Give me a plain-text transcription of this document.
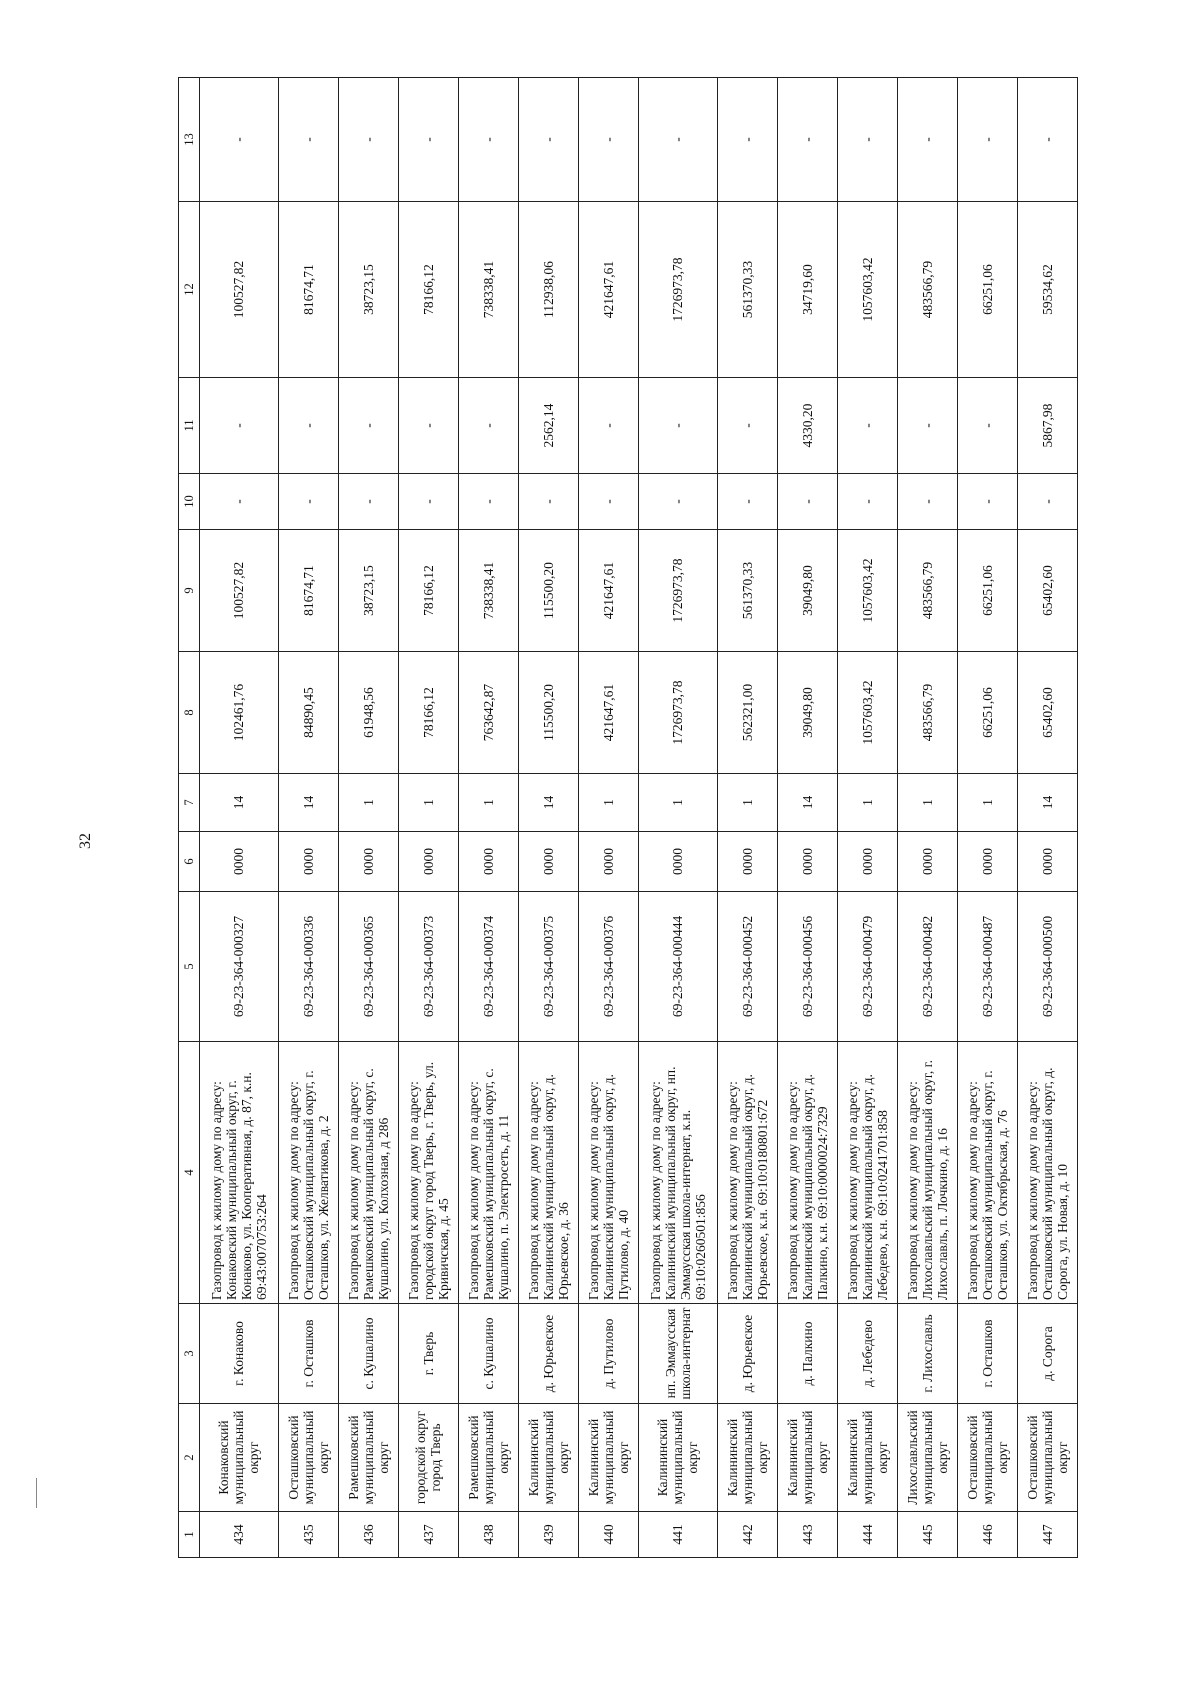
32
1	2	3	4	5	6	7	8	9	10	11	12	13
434	Конаковский муниципальный округ	г. Конаково	Газопровод к жилому дому по адресу: Конаковский муниципальный округ, г. Конаково, ул. Кооперативная, д. 87, к.н. 69:43:0070753:264	69-23-364-000327	0000	14	102461,76	100527,82	-	-	100527,82	-
435	Осташковский муниципальный округ	г. Осташков	Газопровод к жилому дому по адресу: Осташковский муниципальный округ, г. Осташков, ул. Желватикова, д. 2	69-23-364-000336	0000	14	84890,45	81674,71	-	-	81674,71	-
436	Рамешковский муниципальный округ	с. Кушалино	Газопровод к жилому дому по адресу: Рамешковский муниципальный округ, с. Кушалино, ул. Колхозная, д 286	69-23-364-000365	0000	1	61948,56	38723,15	-	-	38723,15	-
437	городской округ город Тверь	г. Тверь	Газопровод к жилому дому по адресу: городской округ город Тверь, г. Тверь, ул. Кривичская, д. 45	69-23-364-000373	0000	1	78166,12	78166,12	-	-	78166,12	-
438	Рамешковский муниципальный округ	с. Кушалино	Газопровод к жилому дому по адресу: Рамешковский муниципальный округ, с. Кушалино, п. Электросеть, д. 11	69-23-364-000374	0000	1	763642,87	738338,41	-	-	738338,41	-
439	Калининский муниципальный округ	д. Юрьевское	Газопровод к жилому дому по адресу: Калининский муниципальный округ, д. Юрьевское, д. 36	69-23-364-000375	0000	14	115500,20	115500,20	-	2562,14	112938,06	-
440	Калининский муниципальный округ	д. Путилово	Газопровод к жилому дому по адресу: Калининский муниципальный округ, д. Путилово, д. 40	69-23-364-000376	0000	1	421647,61	421647,61	-	-	421647,61	-
441	Калининский муниципальный округ	нп. Эммаусская школа-интернат	Газопровод к жилому дому по адресу: Калининский муниципальный округ, нп. Эммаусская школа-интернат, к.н. 69:10:0260501:856	69-23-364-000444	0000	1	1726973,78	1726973,78	-	-	1726973,78	-
442	Калининский муниципальный округ	д. Юрьевское	Газопровод к жилому дому по адресу: Калининский муниципальный округ, д. Юрьевское, к.н. 69:10:0180801:672	69-23-364-000452	0000	1	562321,00	561370,33	-	-	561370,33	-
443	Калининский муниципальный округ	д. Палкино	Газопровод к жилому дому по адресу: Калининский муниципальный округ, д. Палкино, к.н. 69:10:0000024:7329	69-23-364-000456	0000	14	39049,80	39049,80	-	4330,20	34719,60	-
444	Калининский муниципальный округ	д. Лебедево	Газопровод к жилому дому по адресу: Калининский муниципальный округ, д. Лебедево, к.н. 69:10:0241701:858	69-23-364-000479	0000	1	1057603,42	1057603,42	-	-	1057603,42	-
445	Лихославльский муниципальный округ	г. Лихославль	Газопровод к жилому дому по адресу: Лихославльский муниципальный округ, г. Лихославль, п. Лочкино, д. 16	69-23-364-000482	0000	1	483566,79	483566,79	-	-	483566,79	-
446	Осташковский муниципальный округ	г. Осташков	Газопровод к жилому дому по адресу: Осташковский муниципальный округ, г. Осташков, ул. Октябрьская, д. 76	69-23-364-000487	0000	1	66251,06	66251,06	-	-	66251,06	-
447	Осташковский муниципальный округ	д. Сорога	Газопровод к жилому дому по адресу: Осташковский муниципальный округ, д. Сорога, ул. Новая, д. 10	69-23-364-000500	0000	14	65402,60	65402,60	-	5867,98	59534,62	-
